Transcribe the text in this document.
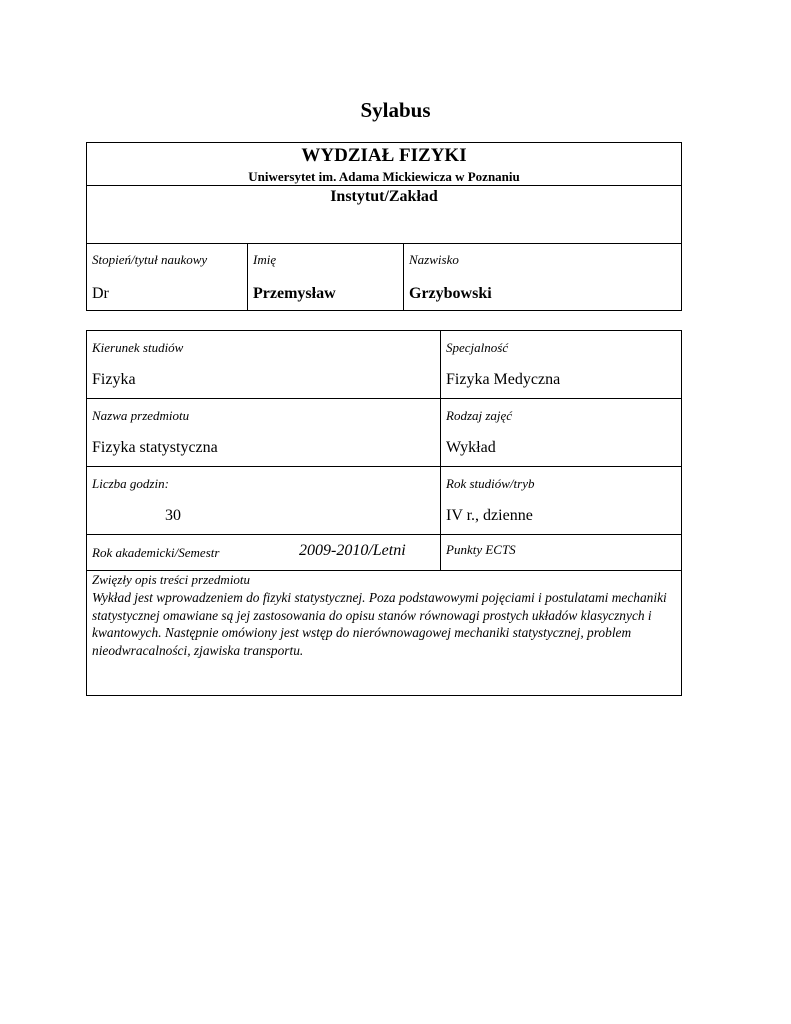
Sylabus
WYDZIAŁ FIZYKI
Uniwersytet im. Adama Mickiewicza w Poznaniu
Instytut/Zakład
Stopień/tytuł naukowy
Dr
Imię
Przemysław
Nazwisko
Grzybowski
Kierunek studiów
Fizyka
Specjalność
Fizyka Medyczna
Nazwa przedmiotu
Fizyka statystyczna
Rodzaj zajęć
Wykład
Liczba godzin:
30
Rok studiów/tryb
IV r., dzienne
Rok akademicki/Semestr	2009-2010/Letni	Punkty ECTS
Zwięzły opis treści przedmiotu
Wykład jest wprowadzeniem do fizyki statystycznej. Poza podstawowymi pojęciami i postulatami mechaniki statystycznej omawiane są jej zastosowania do opisu stanów równowagi prostych układów klasycznych i kwantowych. Następnie omówiony jest wstęp do nierównowagowej mechaniki statystycznej, problem nieodwracalności, zjawiska transportu.
